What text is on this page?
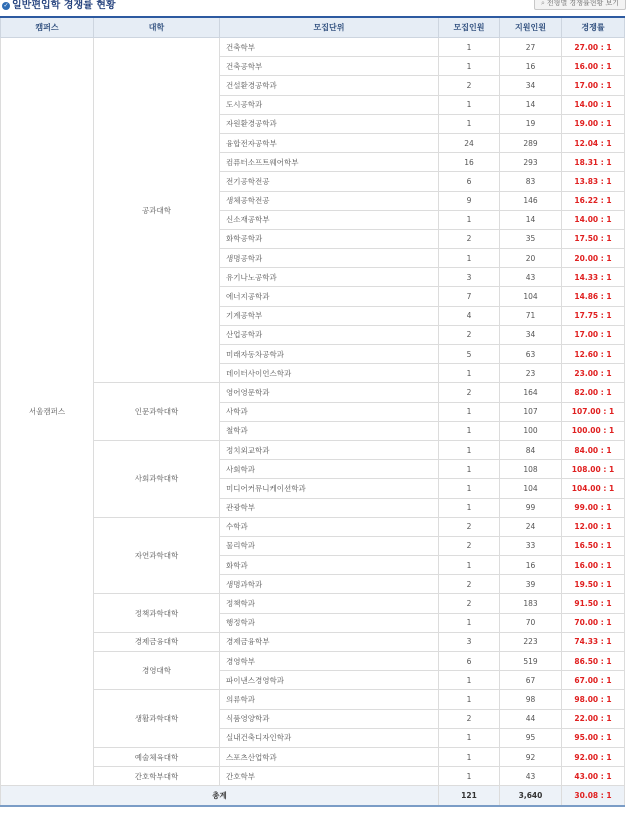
✓ 일반편입학 경쟁률 현황	⌕ 전형별 경쟁률현황 보기
캠퍼스	대학	모집단위	모집인원	지원인원	경쟁률
서울캠퍼스	공과대학	건축학부	1	27	27.00 : 1
		건축공학부	1	16	16.00 : 1
		건설환경공학과	2	34	17.00 : 1
		도시공학과	1	14	14.00 : 1
		자원환경공학과	1	19	19.00 : 1
		융합전자공학부	24	289	12.04 : 1
		컴퓨터소프트웨어학부	16	293	18.31 : 1
		전기공학전공	6	83	13.83 : 1
		생체공학전공	9	146	16.22 : 1
		신소재공학부	1	14	14.00 : 1
		화학공학과	2	35	17.50 : 1
		생명공학과	1	20	20.00 : 1
		유기나노공학과	3	43	14.33 : 1
		에너지공학과	7	104	14.86 : 1
		기계공학부	4	71	17.75 : 1
		산업공학과	2	34	17.00 : 1
		미래자동차공학과	5	63	12.60 : 1
		데이터사이언스학과	1	23	23.00 : 1
	인문과학대학	영어영문학과	2	164	82.00 : 1
		사학과	1	107	107.00 : 1
		철학과	1	100	100.00 : 1
	사회과학대학	정치외교학과	1	84	84.00 : 1
		사회학과	1	108	108.00 : 1
		미디어커뮤니케이션학과	1	104	104.00 : 1
		관광학부	1	99	99.00 : 1
	자연과학대학	수학과	2	24	12.00 : 1
		물리학과	2	33	16.50 : 1
		화학과	1	16	16.00 : 1
		생명과학과	2	39	19.50 : 1
	정책과학대학	정책학과	2	183	91.50 : 1
		행정학과	1	70	70.00 : 1
	경제금융대학	경제금융학부	3	223	74.33 : 1
	경영대학	경영학부	6	519	86.50 : 1
		파이낸스경영학과	1	67	67.00 : 1
	생활과학대학	의류학과	1	98	98.00 : 1
		식품영양학과	2	44	22.00 : 1
		실내건축디자인학과	1	95	95.00 : 1
	예술체육대학	스포츠산업학과	1	92	92.00 : 1
	간호학부대학	간호학부	1	43	43.00 : 1
총계			121	3,640	30.08 : 1
